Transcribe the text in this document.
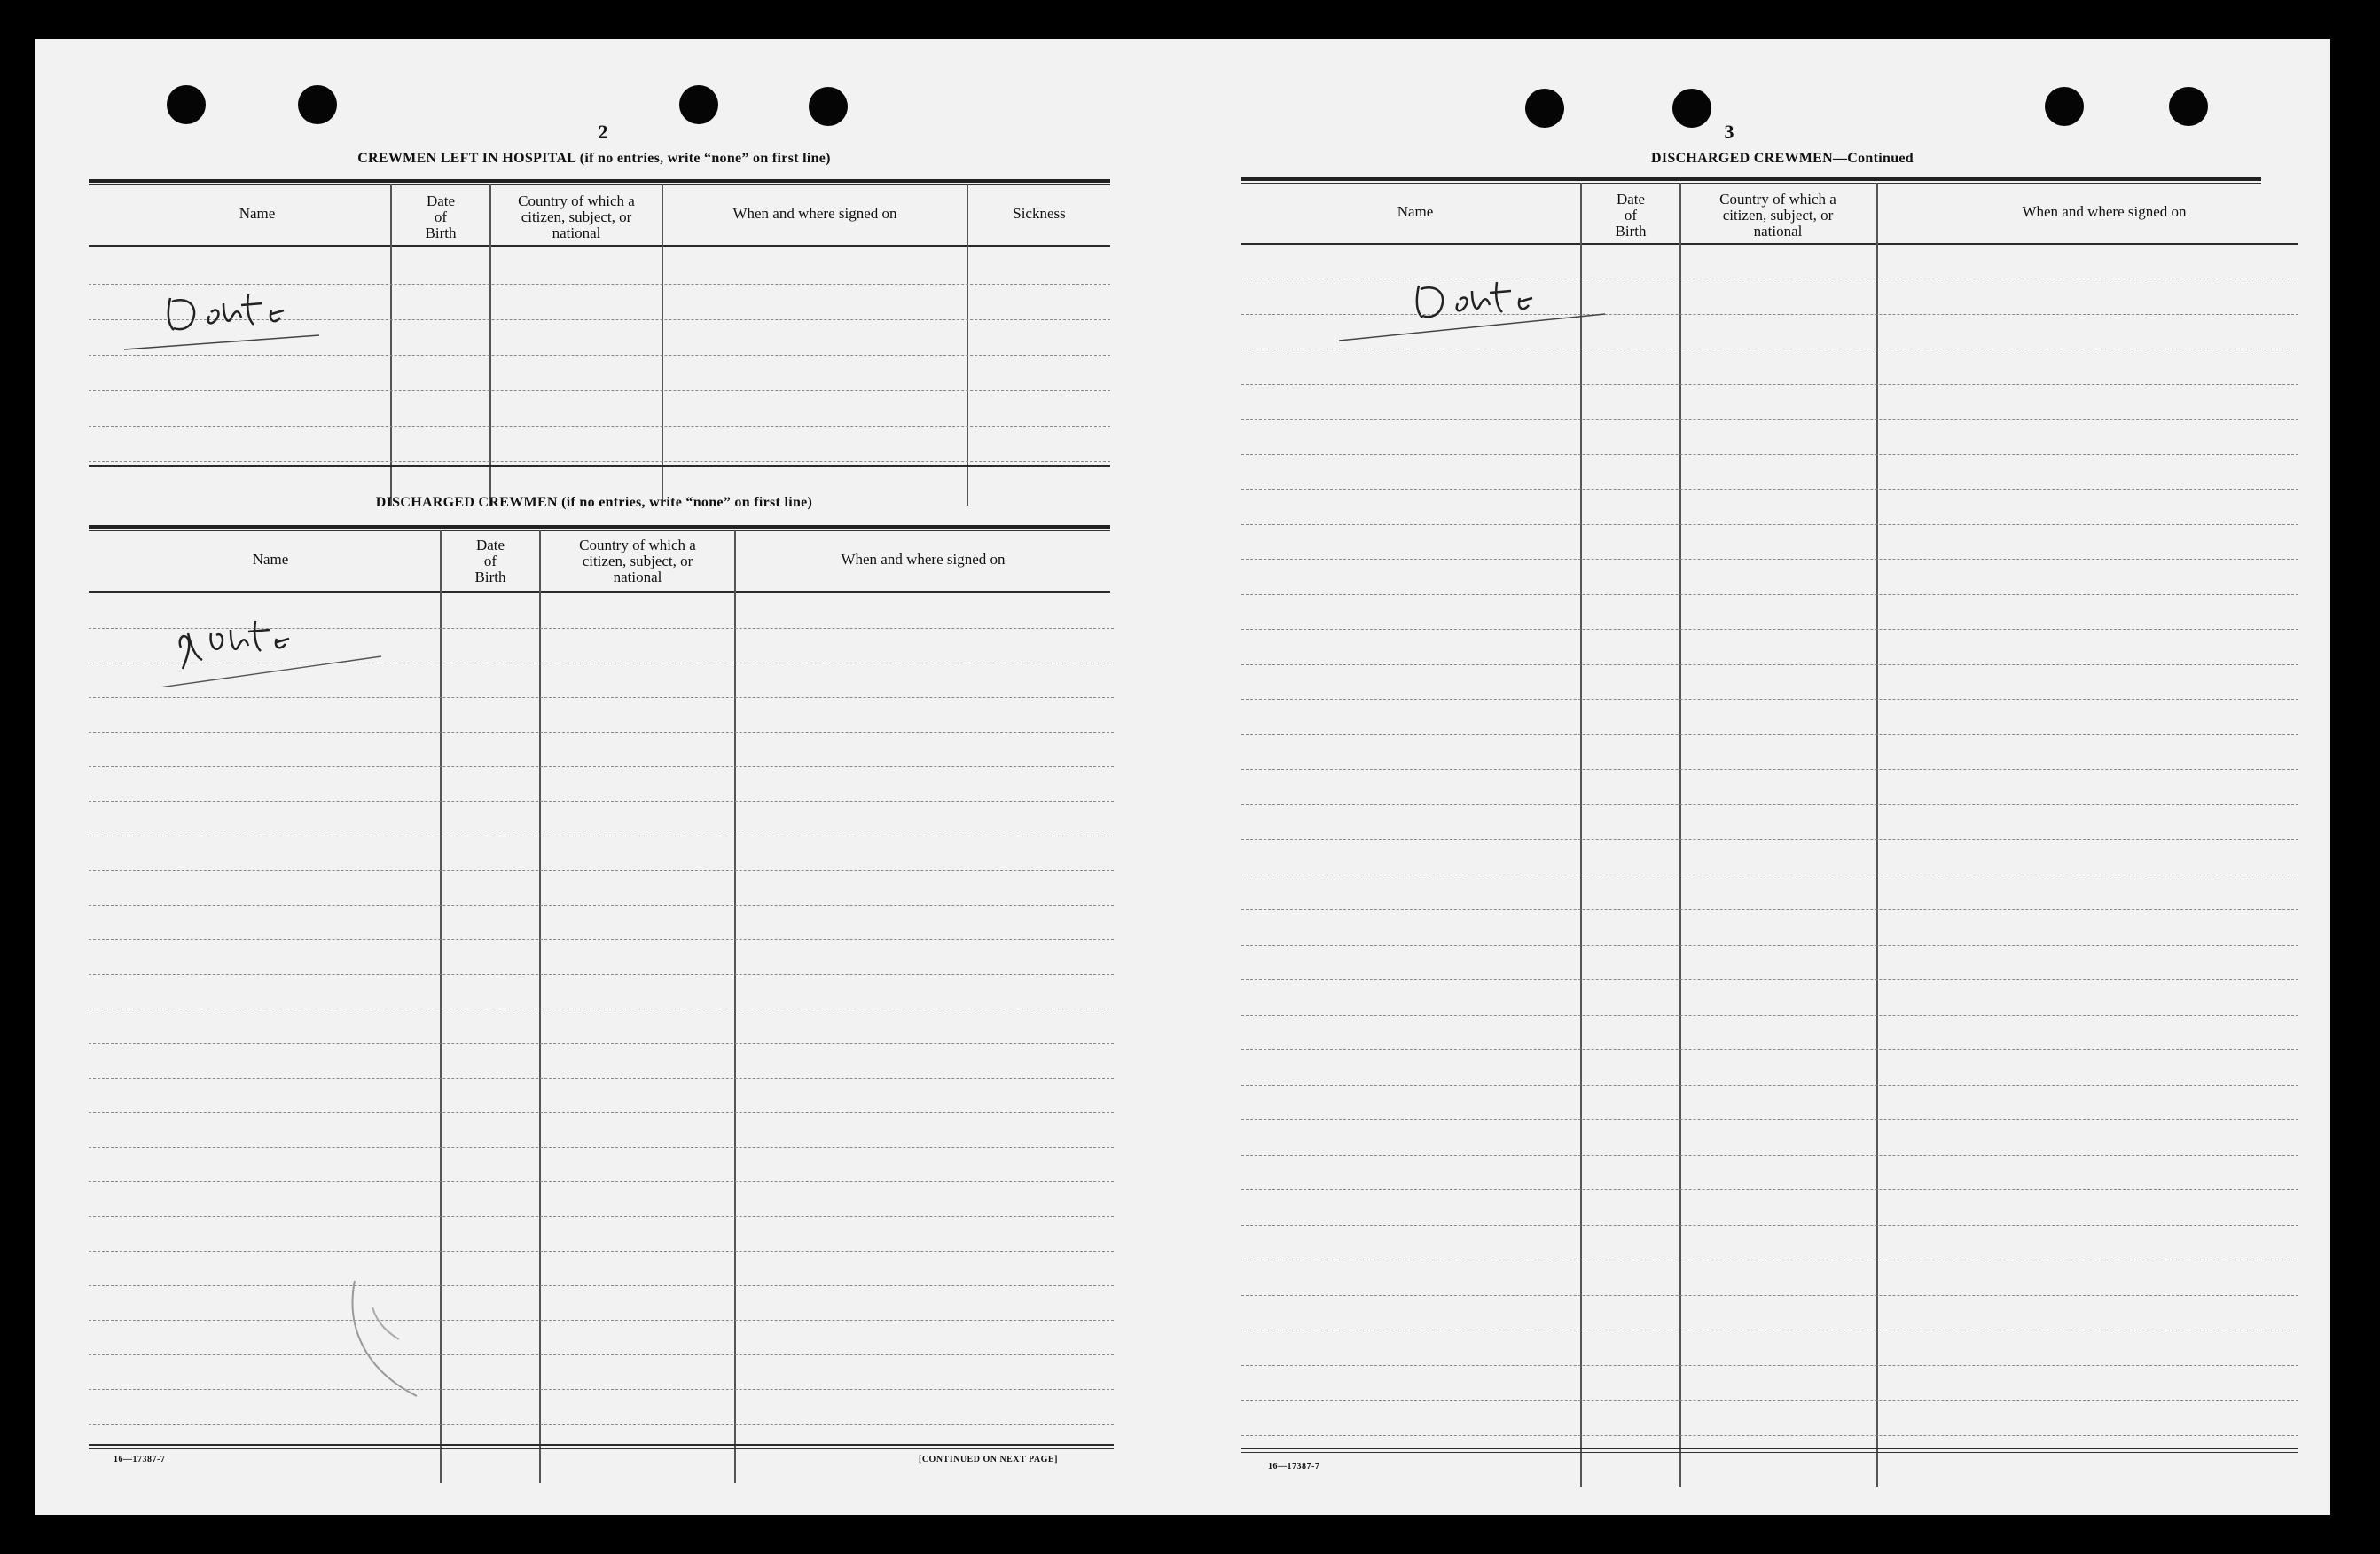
2
CREWMEN LEFT IN HOSPITAL (if no entries, write “none” on first line)
Name
Date
of
Birth
Country of which a
citizen, subject, or
national
When and where signed on	Sickness
None
DISCHARGED CREWMEN (if no entries, write “none” on first line)
Name
Date
of
Birth
Country of which a
citizen, subject, or
national
When and where signed on
None
16—17387-7	[CONTINUED ON NEXT PAGE]
3
DISCHARGED CREWMEN—Continued
Name
Date
of
Birth
Country of which a
citizen, subject, or
national
When and where signed on
None
16—17387-7
